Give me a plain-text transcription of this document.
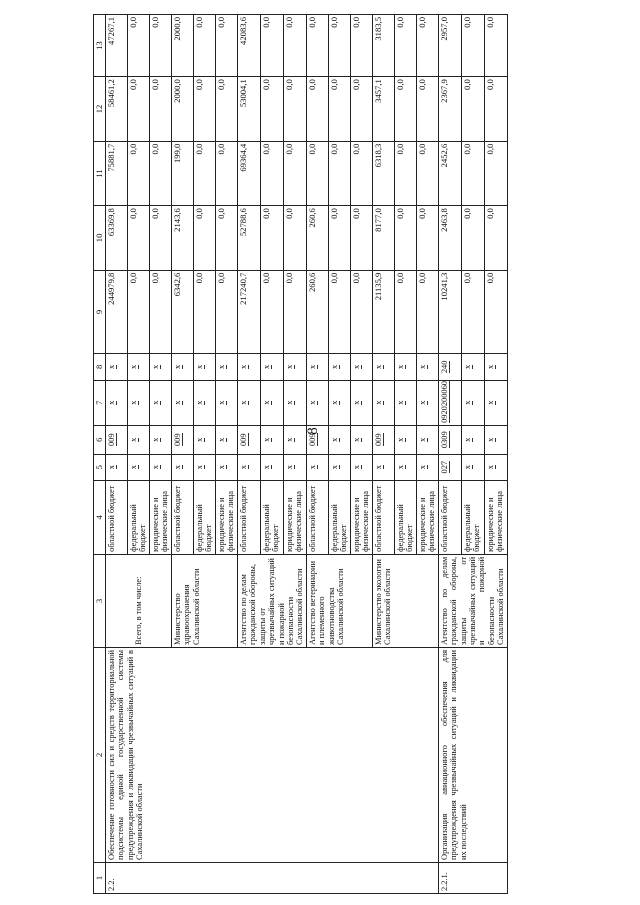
8
1	2	3	4	5	6	7	8	9	10	11	12	13
2.2.	Обеспечение готовности сил и средств территориальной подсистемы единой государственной системы предупреждения и ликвидации чрезвычайных ситуаций в Сахалинской области	Всего, в том числе:	областной бюджет	x	009	x	x	244979,8	63369,8	75881,7	58461,2	47267,1
			федеральный бюджет	x	x	x	x	0,0	0,0	0,0	0,0	0,0
			юридические и физические лица	x	x	x	x	0,0	0,0	0,0	0,0	0,0
		Министерство здравоохранения Сахалинской области	областной бюджет	x	009	x	x	6342,6	2143,6	199,0	2000,0	2000,0
			федеральный бюджет	x	x	x	x	0,0	0,0	0,0	0,0	0,0
			юридические и физические лица	x	x	x	x	0,0	0,0	0,0	0,0	0,0
		Агентство по делам гражданской обороны, защиты от чрезвычайных ситуаций и пожарной безопасности Сахалинской области	областной бюджет	x	009	x	x	217240,7	52788,6	69364,4	53004,1	42083,6
			федеральный бюджет	x	x	x	x	0,0	0,0	0,0	0,0	0,0
			юридические и физические лица	x	x	x	x	0,0	0,0	0,0	0,0	0,0
		Агентство ветеринарии и племенного животноводства Сахалинской области	областной бюджет	x	009	x	x	260,6	260,6	0,0	0,0	0,0
			федеральный бюджет	x	x	x	x	0,0	0,0	0,0	0,0	0,0
			юридические и физические лица	x	x	x	x	0,0	0,0	0,0	0,0	0,0
		Министерство экологии Сахалинской области	областной бюджет	x	009	x	x	21135,9	8177,0	6318,3	3457,1	3183,5
			федеральный бюджет	x	x	x	x	0,0	0,0	0,0	0,0	0,0
			юридические и физические лица	x	x	x	x	0,0	0,0	0,0	0,0	0,0
2.2.1.	Организация авиационного обеспечения для предупреждения чрезвычайных ситуаций и ликвидации их последствий	Агентство по делам гражданской обороны, защиты от чрезвычайных ситуаций и пожарной безопасности Сахалинской области	областной бюджет	027	0309	0920200060	240	10241,3	2463,8	2452,6	2367,9	2957,0
			федеральный бюджет	x	x	x	x	0,0	0,0	0,0	0,0	0,0
			юридические и физические лица	x	x	x	x	0,0	0,0	0,0	0,0	0,0
